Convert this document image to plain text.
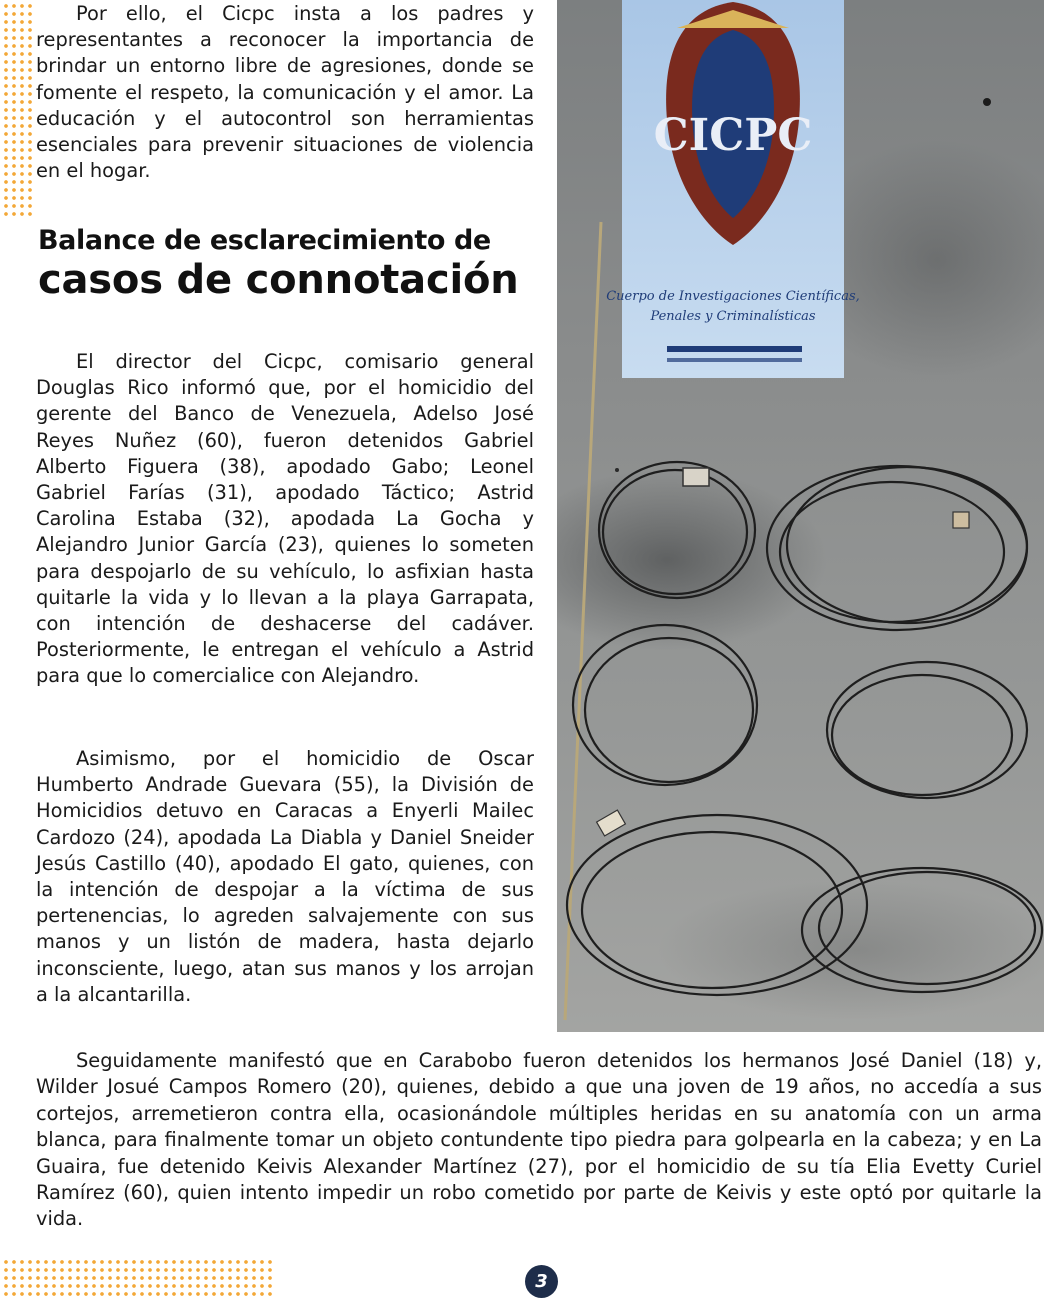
Por ello, el Cicpc insta a los padres y representantes a reconocer la importancia de brindar un entorno libre de agresiones, donde se fomente el respeto, la comunicación y el amor. La educación y el autocontrol son herramientas esenciales para prevenir situaciones de violencia en el hogar.

Balance de esclarecimiento de
casos de connotación

El director del Cicpc, comisario general Douglas Rico informó que, por el homicidio del gerente del Banco de Venezuela, Adelso José Reyes Nuñez (60), fueron detenidos Gabriel Alberto Figuera (38), apodado Gabo; Leonel Gabriel Farías (31), apodado Táctico; Astrid Carolina Estaba (32), apodada La Gocha y Alejandro Junior García (23), quienes lo someten para despojarlo de su vehículo, lo asfixian hasta quitarle la vida y lo llevan a la playa Garrapata, con intención de deshacerse del cadáver. Posteriormente, le entregan el vehículo a Astrid para que lo comercialice con Alejandro.

Asimismo, por el homicidio de Oscar Humberto Andrade Guevara (55), la División de Homicidios detuvo en Caracas a Enyerli Mailec Cardozo (24), apodada La Diabla y Daniel Sneider Jesús Castillo (40), apodado El gato, quienes, con la intención de despojar a la víctima de sus pertenencias, lo agreden salvajemente con sus manos y un listón de madera, hasta dejarlo inconsciente, luego, atan sus manos y los arrojan a la alcantarilla.

CICPC
Cuerpo de Investigaciones Científicas,
Penales y Criminalísticas

Seguidamente manifestó que en Carabobo fueron detenidos los hermanos José Daniel (18) y, Wilder Josué Campos Romero (20), quienes, debido a que una joven de 19 años, no accedía a sus cortejos, arremetieron contra ella, ocasionándole múltiples heridas en su anatomía con un arma blanca, para finalmente tomar un objeto contundente tipo piedra para golpearla en la cabeza; y en La Guaira, fue detenido Keivis Alexander Martínez (27), por el homicidio de su tía Elia Evetty Curiel Ramírez (60), quien intento impedir un robo cometido por parte de Keivis y este optó por quitarle la vida.

3
